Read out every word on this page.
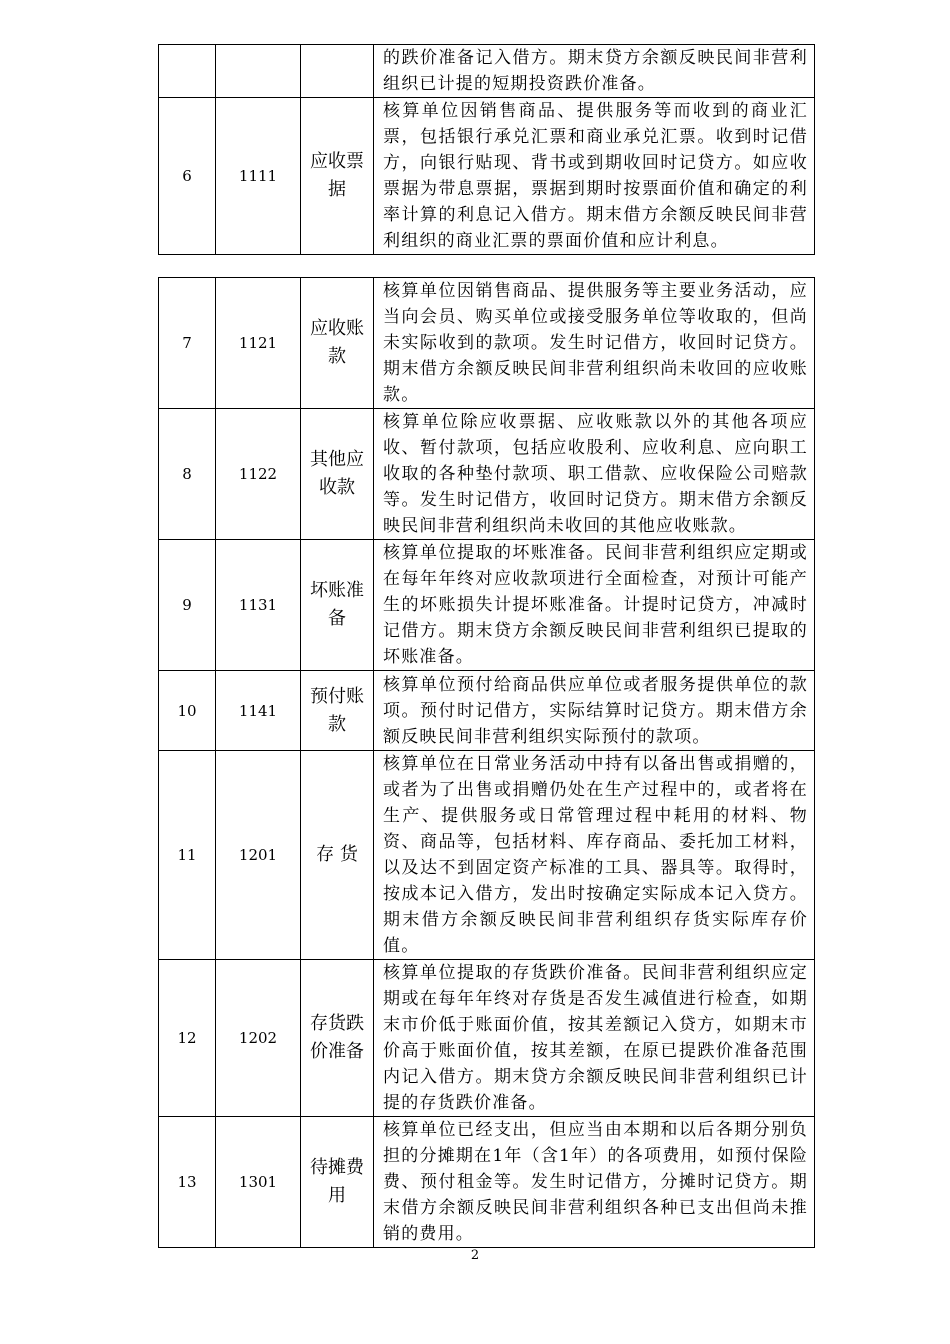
			的跌价准备记入借方。期末贷方余额反映民间非营利组织已计提的短期投资跌价准备。
6	1111	应收票据	核算单位因销售商品、提供服务等而收到的商业汇票，包括银行承兑汇票和商业承兑汇票。收到时记借方，向银行贴现、背书或到期收回时记贷方。如应收票据为带息票据，票据到期时按票面价值和确定的利率计算的利息记入借方。期末借方余额反映民间非营利组织的商业汇票的票面价值和应计利息。
7	1121	应收账款	核算单位因销售商品、提供服务等主要业务活动，应当向会员、购买单位或接受服务单位等收取的，但尚未实际收到的款项。发生时记借方，收回时记贷方。期末借方余额反映民间非营利组织尚未收回的应收账款。
8	1122	其他应收款	核算单位除应收票据、应收账款以外的其他各项应收、暂付款项，包括应收股利、应收利息、应向职工收取的各种垫付款项、职工借款、应收保险公司赔款等。发生时记借方，收回时记贷方。期末借方余额反映民间非营利组织尚未收回的其他应收账款。
9	1131	坏账准备	核算单位提取的坏账准备。民间非营利组织应定期或在每年年终对应收款项进行全面检查，对预计可能产生的坏账损失计提坏账准备。计提时记贷方，冲减时记借方。期末贷方余额反映民间非营利组织已提取的坏账准备。
10	1141	预付账款	核算单位预付给商品供应单位或者服务提供单位的款项。预付时记借方，实际结算时记贷方。期末借方余额反映民间非营利组织实际预付的款项。
11	1201	存 货	核算单位在日常业务活动中持有以备出售或捐赠的，或者为了出售或捐赠仍处在生产过程中的，或者将在生产、提供服务或日常管理过程中耗用的材料、物资、商品等，包括材料、库存商品、委托加工材料，以及达不到固定资产标准的工具、器具等。取得时，按成本记入借方，发出时按确定实际成本记入贷方。期末借方余额反映民间非营利组织存货实际库存价值。
12	1202	存货跌价准备	核算单位提取的存货跌价准备。民间非营利组织应定期或在每年年终对存货是否发生减值进行检查，如期末市价低于账面价值，按其差额记入贷方，如期末市价高于账面价值，按其差额，在原已提跌价准备范围内记入借方。期末贷方余额反映民间非营利组织已计提的存货跌价准备。
13	1301	待摊费用	核算单位已经支出，但应当由本期和以后各期分别负担的分摊期在1年（含1年）的各项费用，如预付保险费、预付租金等。发生时记借方，分摊时记贷方。期末借方余额反映民间非营利组织各种已支出但尚未推销的费用。
2
